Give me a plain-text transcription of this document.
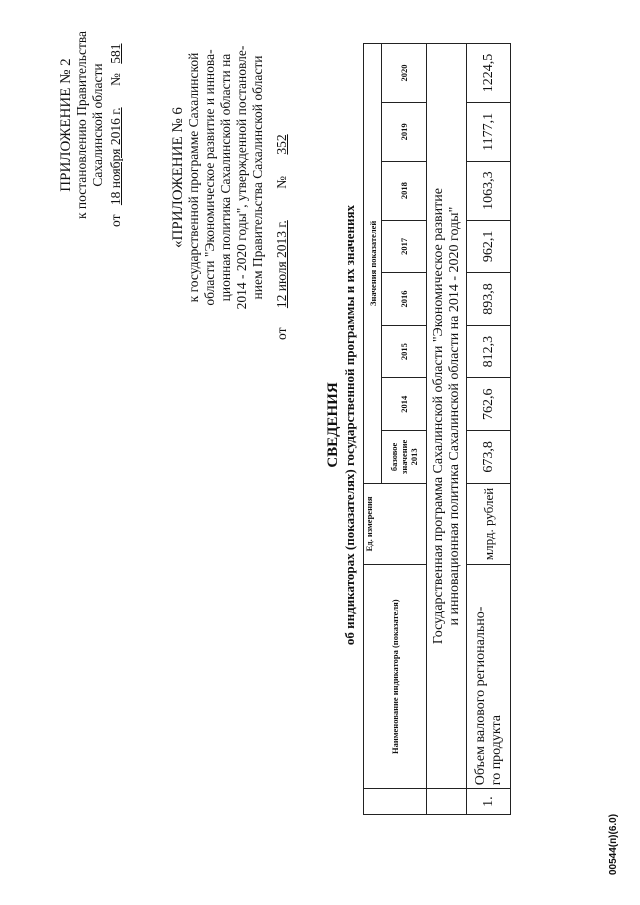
ПРИЛОЖЕНИЕ № 2 к постановлению Правительства Сахалинской области
от 18 ноября 2016 г. № 581
«ПРИЛОЖЕНИЕ № 6 к государственной программе Сахалинской области "Экономическое развитие и иннова- ционная политика Сахалинской области на 2014 - 2020 годы", утвержденной постановле- нием Правительства Сахалинской области
от 12 июля 2013 г. № 352
СВЕДЕНИЯ об индикаторах (показателях) государственной программы и их значениях
	Наименование индикатора (показателя)	Ед. измерения	Значения показателей							
			базовое значение 2013	2014	2015	2016	2017	2018	2019	2020

	Государственная программа Сахалинской области "Экономическое развитие и инновационная политика Сахалинской области на 2014 - 2020 годы"									

1.	Объем валового регионально- го продукта	млрд. рублей	673,8	762,6	812,3	893,8	962,1	1063,3	1177,1	1224,5
00544(п)(6.0)
